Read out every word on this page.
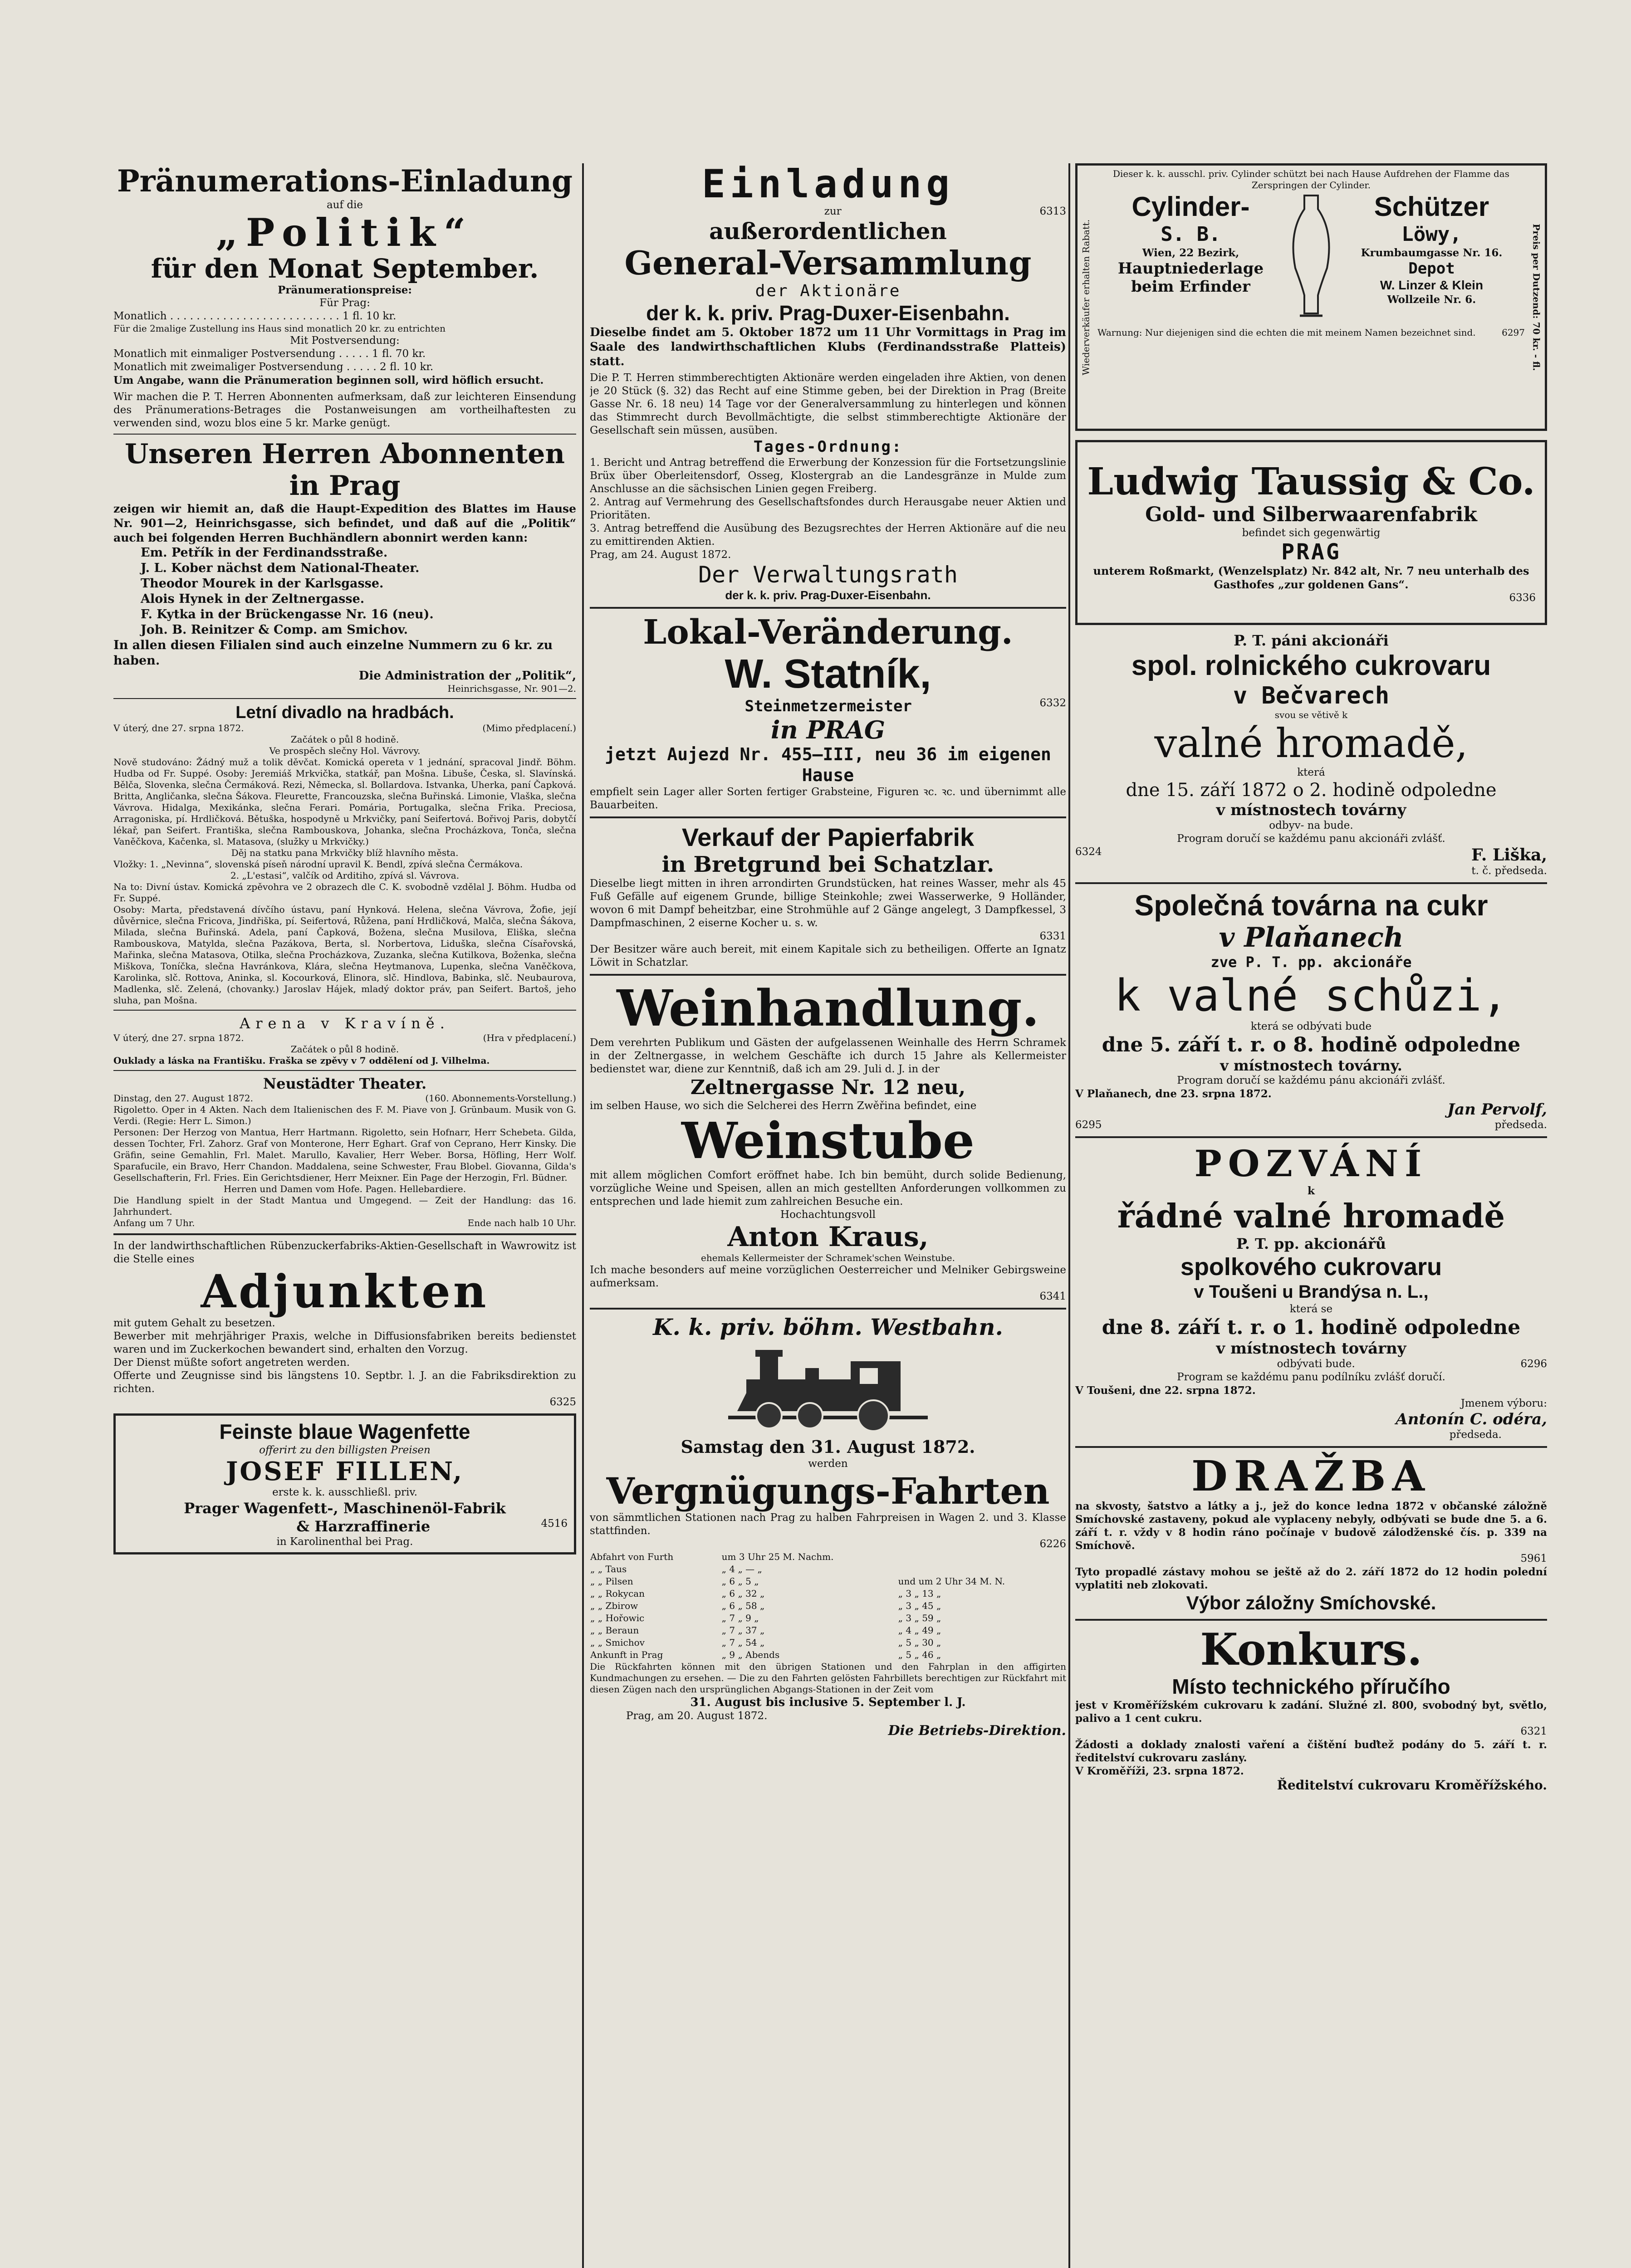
Pränumerations-Einladung

auf die

„Politik“

für den Monat September.

Pränumerationspreise:

Für Prag:

Monatlich . . . . . . . . . . . . . . . . . . . . . . . . . . 1 fl. 10 kr.

Für die 2malige Zustellung ins Haus sind monatlich 20 kr. zu entrichten

Mit Postversendung:

Monatlich mit einmaliger Postversendung . . . . . 1 fl. 70 kr.

Monatlich mit zweimaliger Postversendung . . . . . 2 fl. 10 kr.

Um Angabe, wann die Pränumeration beginnen soll, wird höflich ersucht.

Wir machen die P. T. Herren Abonnenten aufmerksam, daß zur leichteren Einsendung des Pränumerations-Betrages die Postanweisungen am vortheilhaftesten zu verwenden sind, wozu blos eine 5 kr. Marke genügt.

Unseren Herren Abonnenten in Prag

zeigen wir hiemit an, daß die Haupt-Expedition des Blattes im Hause Nr. 901—2, Heinrichsgasse, sich befindet, und daß auf die „Politik“ auch bei folgenden Herren Buchhändlern abonnirt werden kann:

Em. Petřík in der Ferdinandsstraße.

J. L. Kober nächst dem National-Theater.

Theodor Mourek in der Karlsgasse.

Alois Hynek in der Zeltnergasse.

F. Kytka in der Brückengasse Nr. 16 (neu).

Joh. B. Reinitzer & Comp. am Smichov.

In allen diesen Filialen sind auch einzelne Nummern zu 6 kr. zu haben.

Die Administration der „Politik“,

Heinrichsgasse, Nr. 901—2.

Letní divadlo na hradbách.

V úterý, dne 27. srpna 1872.	(Mimo předplacení.)

Začátek o půl 8 hodině.

Ve prospěch slečny Hol. Vávrovy.

Nově studováno: Žádný muž a tolik děvčat. Komická opereta v 1 jednání, spracoval Jindř. Böhm. Hudba od Fr. Suppé. Osoby: Jeremiáš Mrkvička, statkář, pan Mošna. Libuše, Česka, sl. Slavínská. Bělča, Slovenka, slečna Čermáková. Rezi, Německa, sl. Bollardova. Istvanka, Uherka, paní Čapková. Britta, Angličanka, slečna Šákova. Fleurette, Francouzska, slečna Buřinská. Limonie, Vlaška, slečna Vávrova. Hidalga, Mexikánka, slečna Ferari. Pomária, Portugalka, slečna Frika. Preciosa, Arragoniska, pí. Hrdličková. Bětuška, hospodyně u Mrkvičky, paní Seifertová. Bořivoj Paris, dobytčí lékař, pan Seifert. Františka, slečna Rambouskova, Johanka, slečna Procházkova, Tonča, slečna Vaněčkova, Kačenka, sl. Matasova, (služky u Mrkvičky.)

Děj na statku pana Mrkvičky blíž hlavního města.

Vložky: 1. „Nevinna“, slovenská píseň národní upravil K. Bendl, zpívá slečna Čermákova.

2. „L'estasi“, valčík od Arditiho, zpívá sl. Vávrova.

Na to: Divní ústav. Komická zpěvohra ve 2 obrazech dle C. K. svobodně vzdělal J. Böhm. Hudba od Fr. Suppé.

Osoby: Marta, představená dívčího ústavu, paní Hynková. Helena, slečna Vávrova, Žofie, její důvěrnice, slečna Fricova, Jindřiška, pí. Seifertová, Růžena, paní Hrdličková, Malča, slečna Šákova, Milada, slečna Buřinská. Adela, paní Čapková, Božena, slečna Musilova, Eliška, slečna Rambouskova, Matylda, slečna Pazákova, Berta, sl. Norbertova, Liduška, slečna Císařovská, Mařinka, slečna Matasova, Otilka, slečna Procházkova, Zuzanka, slečna Kutilkova, Boženka, slečna Miškova, Toníčka, slečna Havránkova, Klára, slečna Heytmanova, Lupenka, slečna Vaněčkova, Karolinka, slč. Rottova, Aninka, sl. Kocourková, Elinora, slč. Hindlova, Babinka, slč. Neubaurova, Madlenka, slč. Zelená, (chovanky.) Jaroslav Hájek, mladý doktor práv, pan Seifert. Bartoš, jeho sluha, pan Mošna.

Arena v Kravíně.

V úterý, dne 27. srpna 1872.	(Hra v předplacení.)

Začátek o půl 8 hodině.

Oukladу a láska na Františku. Fraška se zpěvy v 7 oddělení od J. Vilhelma.

Neustädter Theater.

Dinstag, den 27. August 1872.	(160. Abonnements-Vorstellung.)

Rigoletto. Oper in 4 Akten. Nach dem Italienischen des F. M. Piave von J. Grünbaum. Musik von G. Verdi. (Regie: Herr L. Simon.)

Personen: Der Herzog von Mantua, Herr Hartmann. Rigoletto, sein Hofnarr, Herr Schebeta. Gilda, dessen Tochter, Frl. Zahorz. Graf von Monterone, Herr Eghart. Graf von Ceprano, Herr Kinsky. Die Gräfin, seine Gemahlin, Frl. Malet. Marullo, Kavalier, Herr Weber. Borsa, Höfling, Herr Wolf. Sparafucile, ein Bravo, Herr Chandon. Maddalena, seine Schwester, Frau Blobel. Giovanna, Gilda's Gesellschafterin, Frl. Fries. Ein Gerichtsdiener, Herr Meixner. Ein Page der Herzogin, Frl. Büdner.

Herren und Damen vom Hofe. Pagen. Hellebardiere.

Die Handlung spielt in der Stadt Mantua und Umgegend. — Zeit der Handlung: das 16. Jahrhundert.

Anfang um 7 Uhr.	Ende nach halb 10 Uhr.

In der landwirthschaftlichen Rübenzuckerfabriks-Aktien-Gesellschaft in Wawrowitz ist die Stelle eines

Adjunkten

mit gutem Gehalt zu besetzen.

Bewerber mit mehrjähriger Praxis, welche in Diffusionsfabriken bereits bedienstet waren und im Zuckerkochen bewandert sind, erhalten den Vorzug.

Der Dienst müßte sofort angetreten werden.

Offerte und Zeugnisse sind bis längstens 10. Septbr. l. J. an die Fabriksdirektion zu richten.

6325

Feinste blaue Wagenfette

offerirt zu den billigsten Preisen

JOSEF FILLEN,

erste k. k. ausschließl. priv.

Prager Wagenfett-, Maschinenöl-Fabrik

& Harzraffinerie	4516

in Karolinenthal bei Prag.

Einladung

zur	6313

außerordentlichen

General-Versammlung

der Aktionäre

der k. k. priv. Prag-Duxer-Eisenbahn.

Dieselbe findet am 5. Oktober 1872 um 11 Uhr Vormittags in Prag im Saale des landwirthschaftlichen Klubs (Ferdinandsstraße Platteis) statt.

Die P. T. Herren stimmberechtigten Aktionäre werden eingeladen ihre Aktien, von denen je 20 Stück (§. 32) das Recht auf eine Stimme geben, bei der Direktion in Prag (Breite Gasse Nr. 6. 18 neu) 14 Tage vor der Generalversammlung zu hinterlegen und können das Stimmrecht durch Bevollmächtigte, die selbst stimmberechtigte Aktionäre der Gesellschaft sein müssen, ausüben.

Tages-Ordnung:

1. Bericht und Antrag betreffend die Erwerbung der Konzession für die Fortsetzungslinie Brüx über Oberleitensdorf, Osseg, Klostergrab an die Landesgränze in Mulde zum Anschlusse an die sächsischen Linien gegen Freiberg.

2. Antrag auf Vermehrung des Gesellschaftsfondes durch Herausgabe neuer Aktien und Prioritäten.

3. Antrag betreffend die Ausübung des Bezugsrechtes der Herren Aktionäre auf die neu zu emittirenden Aktien.

Prag, am 24. August 1872.

Der Verwaltungsrath

der k. k. priv. Prag-Duxer-Eisenbahn.

Lokal-Veränderung.

W. Statník,

Steinmetzermeister	6332

in PRAG

jetzt Aujezd Nr. 455—III, neu 36 im eigenen Hause

empfielt sein Lager aller Sorten fertiger Grabsteine, Figuren ꝛc. ꝛc. und übernimmt alle Bauarbeiten.

Verkauf der Papierfabrik

in Bretgrund bei Schatzlar.

Dieselbe liegt mitten in ihren arrondirten Grundstücken, hat reines Wasser, mehr als 45 Fuß Gefälle auf eigenem Grunde, billige Steinkohle; zwei Wasserwerke, 9 Holländer, wovon 6 mit Dampf beheitzbar, eine Strohmühle auf 2 Gänge angelegt, 3 Dampfkessel, 3 Dampfmaschinen, 2 eiserne Kocher u. s. w.

6331

Der Besitzer wäre auch bereit, mit einem Kapitale sich zu betheiligen. Offerte an Ignatz Löwit in Schatzlar.

Weinhandlung.

Dem verehrten Publikum und Gästen der aufgelassenen Weinhalle des Herrn Schramek in der Zeltnergasse, in welchem Geschäfte ich durch 15 Jahre als Kellermeister bedienstet war, diene zur Kenntniß, daß ich am 29. Juli d. J. in der

Zeltnergasse Nr. 12 neu,

im selben Hause, wo sich die Selcherei des Herrn Zwěřina befindet, eine

Weinstube

mit allem möglichen Comfort eröffnet habe. Ich bin bemüht, durch solide Bedienung, vorzügliche Weine und Speisen, allen an mich gestellten Anforderungen vollkommen zu entsprechen und lade hiemit zum zahlreichen Besuche ein.

Hochachtungsvoll

Anton Kraus,

ehemals Kellermeister der Schramek'schen Weinstube.

Ich mache besonders auf meine vorzüglichen Oesterreicher und Melniker Gebirgsweine aufmerksam.

6341

K. k. priv. böhm. Westbahn.

Samstag den 31. August 1872.

werden

Vergnügungs-Fahrten

von sämmtlichen Stationen nach Prag zu halben Fahrpreisen in Wagen 2. und 3. Klasse stattfinden.

6226

Abfahrt von Furth	um 3 Uhr 25 M. Nachm.	
„ „ Taus	„ 4 „ — „	
„ „ Pilsen	„ 6 „ 5 „	und um 2 Uhr 34 M. N.
„ „ Rokycan	„ 6 „ 32 „	„ 3 „ 13 „
„ „ Zbirow	„ 6 „ 58 „	„ 3 „ 45 „
„ „ Hořowic	„ 7 „ 9 „	„ 3 „ 59 „
„ „ Beraun	„ 7 „ 37 „	„ 4 „ 49 „
„ „ Smichov	„ 7 „ 54 „	„ 5 „ 30 „
Ankunft in Prag	„ 9 „ Abends	„ 5 „ 46 „

Die Rückfahrten können mit den übrigen Stationen und den Fahrplan in den affigirten Kundmachungen zu ersehen. — Die zu den Fahrten gelösten Fahrbillets berechtigen zur Rückfahrt mit diesen Zügen nach den ursprünglichen Abgangs-Stationen in der Zeit vom

31. August bis inclusive 5. September l. J.

Prag, am 20. August 1872.

Die Betriebs-Direktion.

Wiederverkäufer erhalten Rabatt.	Preis per Dutzend: 70 kr. - fl.

Dieser k. k. ausschl. priv. Cylinder schützt bei nach Hause Aufdrehen der Flamme das Zerspringen der Cylinder.

Cylinder-

S. B.

Wien, 22 Bezirk,

Hauptniederlage beim Erfinder

Schützer

Löwy,

Krumbaumgasse Nr. 16.

Depot

W. Linzer & Klein

Wollzeile Nr. 6.

Warnung: Nur diejenigen sind die echten die mit meinem Namen bezeichnet sind.	6297

Ludwig Taussig & Co.

Gold- und Silberwaarenfabrik

befindet sich gegenwärtig

PRAG

unterem Roßmarkt, (Wenzelsplatz) Nr. 842 alt, Nr. 7 neu unterhalb des Gasthofes „zur goldenen Gans“.

6336

P. T. páni akcionáři

spol. rolnického cukrovaru

v Bečvarech

svou se větivě k

valné hromadě,

která

dne 15. září 1872 o 2. hodině odpoledne

v místnostech továrny

odbyv- na bude.

Program doručí se každému panu akcionáři zvlášť.

6324	F. Liška,

t. č. předseda.

Společná továrna na cukr

v Plaňanech

zve P. T. pp. akcionáře

k valné schůzi,

která se odbývati bude

dne 5. září t. r. o 8. hodině odpoledne

v místnostech továrny.

Program doručí se každému pánu akcionáři zvlášť.

V Plaňanech, dne 23. srpna 1872.

Jan Pervolf,

6295	předseda.

POZVÁNÍ

k

řádné valné hromadě

P. T. pp. akcionářů

spolkového cukrovaru

v Toušeni u Brandýsa n. L.,

která se

dne 8. září t. r. o 1. hodině odpoledne

v místnostech továrny

odbývati bude.	6296

Program se každému panu podílníku zvlášť doručí.

V Toušeni, dne 22. srpna 1872.

Jmenem výboru:

Antonín C. odéra,

předseda.

DRAŽBA

na skvosty, šatstvo a látky a j., jež do konce ledna 1872 v občanské záložně Smíchovské zastaveny, pokud ale vyplaceny nebyly, odbývati se bude dne 5. a 6. září t. r. vždy v 8 hodin ráno počínaje v budově zálodženské čís. p. 339 na Smíchově.

5961

Tyto propadlé zástavy mohou se ještě až do 2. září 1872 do 12 hodin polední vyplatiti neb zlokovati.

Výbor záložny Smíchovské.

Konkurs.

Místo technického příručího

jest v Kroměřížském cukrovaru k zadání. Služné zl. 800, svobodný byt, světlo, palivo a 1 cent cukru.

6321

Žádosti a doklady znalosti vaření a čištění buďtež podány do 5. září t. r. ředitelství cukrovaru zaslány.

V Kroměříži, 23. srpna 1872.

Ředitelství cukrovaru Kroměřížského.
